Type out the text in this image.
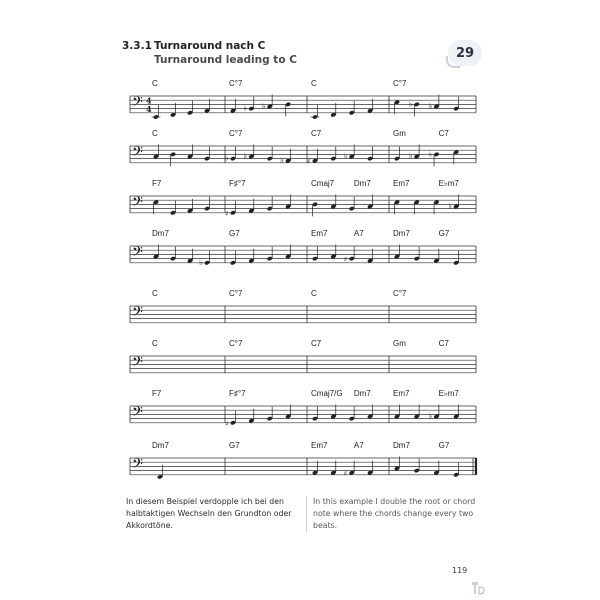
3.3.1 Turnaround nach C
Turnaround leading to C	29
𝄢 4
4
C	C°7	C	C°7
♭ ♭	♭ ♭
𝄢
C	C°7	C7	Gm	C7
♭ ♭	♭	♯
♭	♭ ♭
𝄢
F7	F♯°7	Cmaj7 Dm7	Em7	E♭m7
♯
♭
𝄢
Dm7	G7	Em7	A7	Dm7	G7
♭	♯
𝄢
C	C°7	C	C°7
𝄢
C	C°7	C7	Gm	C7
𝄢
F7	F♯°7	Cmaj7/G Dm7	Em7	E♭m7
♯
♭
𝄢
Dm7	G7	Em7	A7	Dm7	G7
♯
In diesem Beispiel verdopple ich bei den halbtaktigen Wechseln den Grundton oder Akkordtöne.
In this example I double the root or chord note where the chords change every two beats.
119
